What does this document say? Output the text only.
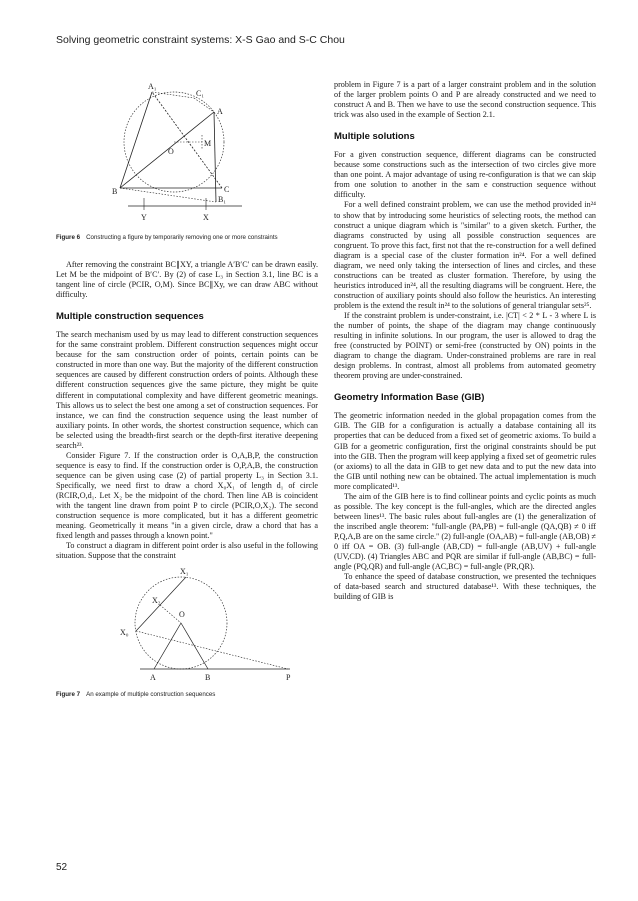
Solving geometric constraint systems: X-S Gao and S-C Chou
A₁
C₁
A
O
M
B	C
B₁
Y	X
Figure 6 Constructing a figure by temporarily removing one or more constraints

After removing the constraint BC∥XY, a triangle A′B′C′ can be drawn easily. Let M be the midpoint of B′C′. By (2) of case L₃ in Section 3.1, line BC is a tangent line of circle (PCIR, O,M). Since BC∥Xy, we can draw ABC without difficulty.

Multiple construction sequences

The search mechanism used by us may lead to different construction sequences for the same constraint problem. Different construction sequences might occur because for the sam construction order of points, certain points can be constructed in more than one way. But the majority of the different construction sequences are caused by different construction orders of points. Although these different construction sequences give the same picture, they might be quite different in computational complexity and have different geometric meanings. This allows us to select the best one among a set of construction sequences. For instance, we can find the construction sequence using the least number of auxiliary points. In other words, the shortest construction sequence, which can be selected using the breadth-first search or the depth-first iterative deepening search²³.

Consider Figure 7. If the construction order is O,A,B,P, the construction sequence is easy to find. If the construction order is O,P,A,B, the construction sequence can be given using case (2) of partial property L₃ in Section 3.1. Specifically, we need first to draw a chord X₀X₁ of length d₁ of circle (RCIR,O,d₁. Let X₂ be the midpoint of the chord. Then line AB is coincident with the tangent line drawn from point P to circle (PCIR,O,X₂). The second construction sequence is more complicated, but it has a different geometric meaning. Geometrically it means "in a given circle, draw a chord that has a fixed length and passes through a known point."

To construct a diagram in different point order is also useful in the following situation. Suppose that the constraint

X₁
X₂
X₀
O
A	B	P
Figure 7 An example of multiple construction sequences

problem in Figure 7 is a part of a larger constraint problem and in the solution of the larger problem points O and P are already constructed and we need to construct A and B. Then we have to use the second construction sequence. This trick was also used in the example of Section 2.1.

Multiple solutions

For a given construction sequence, different diagrams can be constructed because some constructions such as the intersection of two circles give more than one point. A major advantage of using re-configuration is that we can skip from one solution to another in the sam e construction sequence without difficulty.

For a well defined constraint problem, we can use the method provided in²⁴ to show that by introducing some heuristics of selecting roots, the method can construct a unique diagram which is "similar" to a given sketch. Further, the diagrams constructed by using all possible construction sequences are congruent. To prove this fact, first not that the re-construction for a well defined diagram is a special case of the cluster formation in²⁴. For a well defined diagram, we need only taking the intersection of lines and circles, and these constructions can be treated as cluster formation. Therefore, by using the heuristics introduced in²⁴, all the resulting diagrams will be congruent. Here, the construction of auxiliary points should also follow the heuristics. An interesting problem is the extend the result in²⁴ to the solutions of general triangular sets²⁵.

If the constraint problem is under-constraint, i.e. |CT| < 2 * L - 3 where L is the number of points, the shape of the diagram may change continuously resulting in infinite solutions. In our program, the user is allowed to drag the free (constructed by POINT) or semi-free (constructed by ON) points in the diagram to change the diagram. Under-constrained problems are rare in real design problems. In contrast, almost all problems from automated geometry theorem proving are under-constrained.

Geometry Information Base (GIB)

The geometric information needed in the global propagation comes from the GIB. The GIB for a configuration is actually a database containing all its properties that can be deduced from a fixed set of geometric axioms. To build a GIB for a geometric configuration, first the original constraints should be put into the GIB. Then the program will keep applying a fixed set of geometric rules (or axioms) to all the data in GIB to get new data and to put the new data into the GIB until nothing new can be obtained. The actual implementation is much more complicated¹³.

The aim of the GIB here is to find collinear points and cyclic points as much as possible. The key concept is the full-angles, which are the directed angles between lines¹³. The basic rules about full-angles are (1) the generalization of the inscribed angle theorem: "full-angle (PA,PB) = full-angle (QA,QB) ≠ 0 iff P,Q,A,B are on the same circle." (2) full-angle (OA,AB) = full-angle (AB,OB) ≠ 0 iff OA = OB. (3) full-angle (AB,CD) = full-angle (AB,UV) + full-angle (UV,CD). (4) Triangles ABC and PQR are similar if full-angle (AB,BC) = full-angle (PQ,QR) and full-angle (AC,BC) = full-angle (PR,QR).

To enhance the speed of database construction, we presented the techniques of data-based search and structured database¹³. With these techniques, the building of GIB is

52
